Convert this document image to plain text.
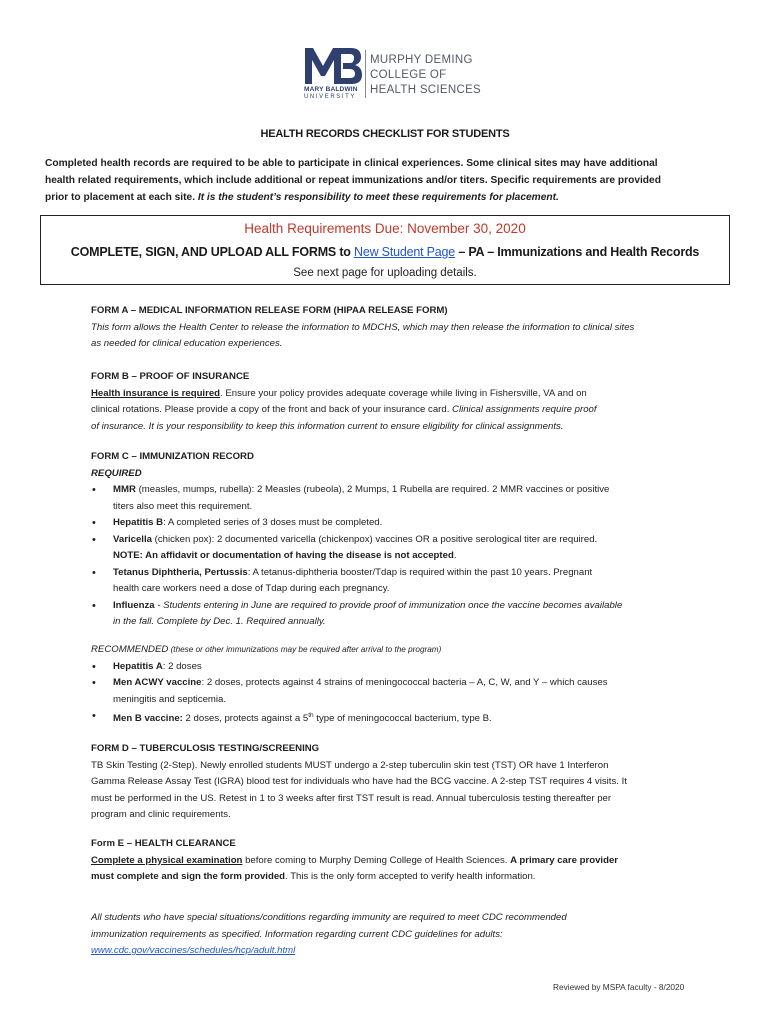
MARY BALDWIN
UNIVERSITY
MURPHY DEMING
COLLEGE OF
HEALTH SCIENCES
HEALTH RECORDS CHECKLIST FOR STUDENTS
Completed health records are required to be able to participate in clinical experiences. Some clinical sites may have additional
health related requirements, which include additional or repeat immunizations and/or titers. Specific requirements are provided
prior to placement at each site. It is the student’s responsibility to meet these requirements for placement.
Health Requirements Due: November 30, 2020
COMPLETE, SIGN, AND UPLOAD ALL FORMS to New Student Page – PA – Immunizations and Health Records
See next page for uploading details.
FORM A – MEDICAL INFORMATION RELEASE FORM (HIPAA RELEASE FORM)
This form allows the Health Center to release the information to MDCHS, which may then release the information to clinical sites
as needed for clinical education experiences.
FORM B – PROOF OF INSURANCE
Health insurance is required. Ensure your policy provides adequate coverage while living in Fishersville, VA and on
clinical rotations. Please provide a copy of the front and back of your insurance card. Clinical assignments require proof
of insurance. It is your responsibility to keep this information current to ensure eligibility for clinical assignments.
FORM C – IMMUNIZATION RECORD
REQUIRED
• MMR (measles, mumps, rubella): 2 Measles (rubeola), 2 Mumps, 1 Rubella are required. 2 MMR vaccines or positive
titers also meet this requirement.
• Hepatitis B: A completed series of 3 doses must be completed.
• Varicella (chicken pox): 2 documented varicella (chickenpox) vaccines OR a positive serological titer are required.
NOTE: An affidavit or documentation of having the disease is not accepted.
• Tetanus Diphtheria, Pertussis: A tetanus-diphtheria booster/Tdap is required within the past 10 years. Pregnant
health care workers need a dose of Tdap during each pregnancy.
• Influenza - Students entering in June are required to provide proof of immunization once the vaccine becomes available
in the fall. Complete by Dec. 1. Required annually.
RECOMMENDED (these or other immunizations may be required after arrival to the program)
• Hepatitis A: 2 doses
• Men ACWY vaccine: 2 doses, protects against 4 strains of meningococcal bacteria – A, C, W, and Y – which causes
meningitis and septicemia.
• Men B vaccine: 2 doses, protects against a 5th type of meningococcal bacterium, type B.
FORM D – TUBERCULOSIS TESTING/SCREENING
TB Skin Testing (2-Step). Newly enrolled students MUST undergo a 2-step tuberculin skin test (TST) OR have 1 Interferon
Gamma Release Assay Test (IGRA) blood test for individuals who have had the BCG vaccine. A 2-step TST requires 4 visits. It
must be performed in the US. Retest in 1 to 3 weeks after first TST result is read. Annual tuberculosis testing thereafter per
program and clinic requirements.
Form E – HEALTH CLEARANCE
Complete a physical examination before coming to Murphy Deming College of Health Sciences. A primary care provider
must complete and sign the form provided. This is the only form accepted to verify health information.
All students who have special situations/conditions regarding immunity are required to meet CDC recommended
immunization requirements as specified. Information regarding current CDC guidelines for adults:
www.cdc.gov/vaccines/schedules/hcp/adult.html
Reviewed by MSPA faculty - 8/2020
